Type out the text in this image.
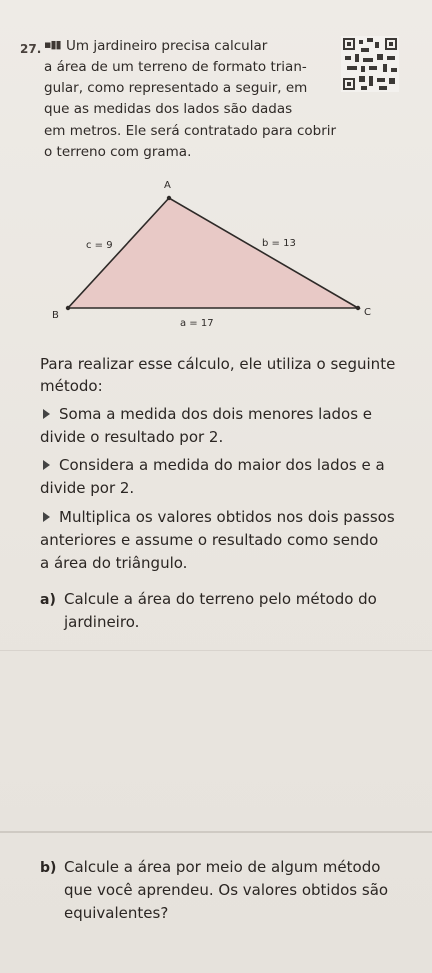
27. ▪▮▮ Um jardineiro precisa calcular
a área de um terreno de formato trian-
gular, como representado a seguir, em
que as medidas dos lados são dadas
em metros. Ele será contratado para cobrir
o terreno com grama.
A
B	C
c = 9	b = 13
a = 17
Para realizar esse cálculo, ele utiliza o seguinte
método:
Soma a medida dos dois menores lados e
divide o resultado por 2.
Considera a medida do maior dos lados e a
divide por 2.
Multiplica os valores obtidos nos dois passos
anteriores e assume o resultado como sendo
a área do triângulo.
a) Calcule a área do terreno pelo método do
jardineiro.
b) Calcule a área por meio de algum método
que você aprendeu. Os valores obtidos são
equivalentes?
